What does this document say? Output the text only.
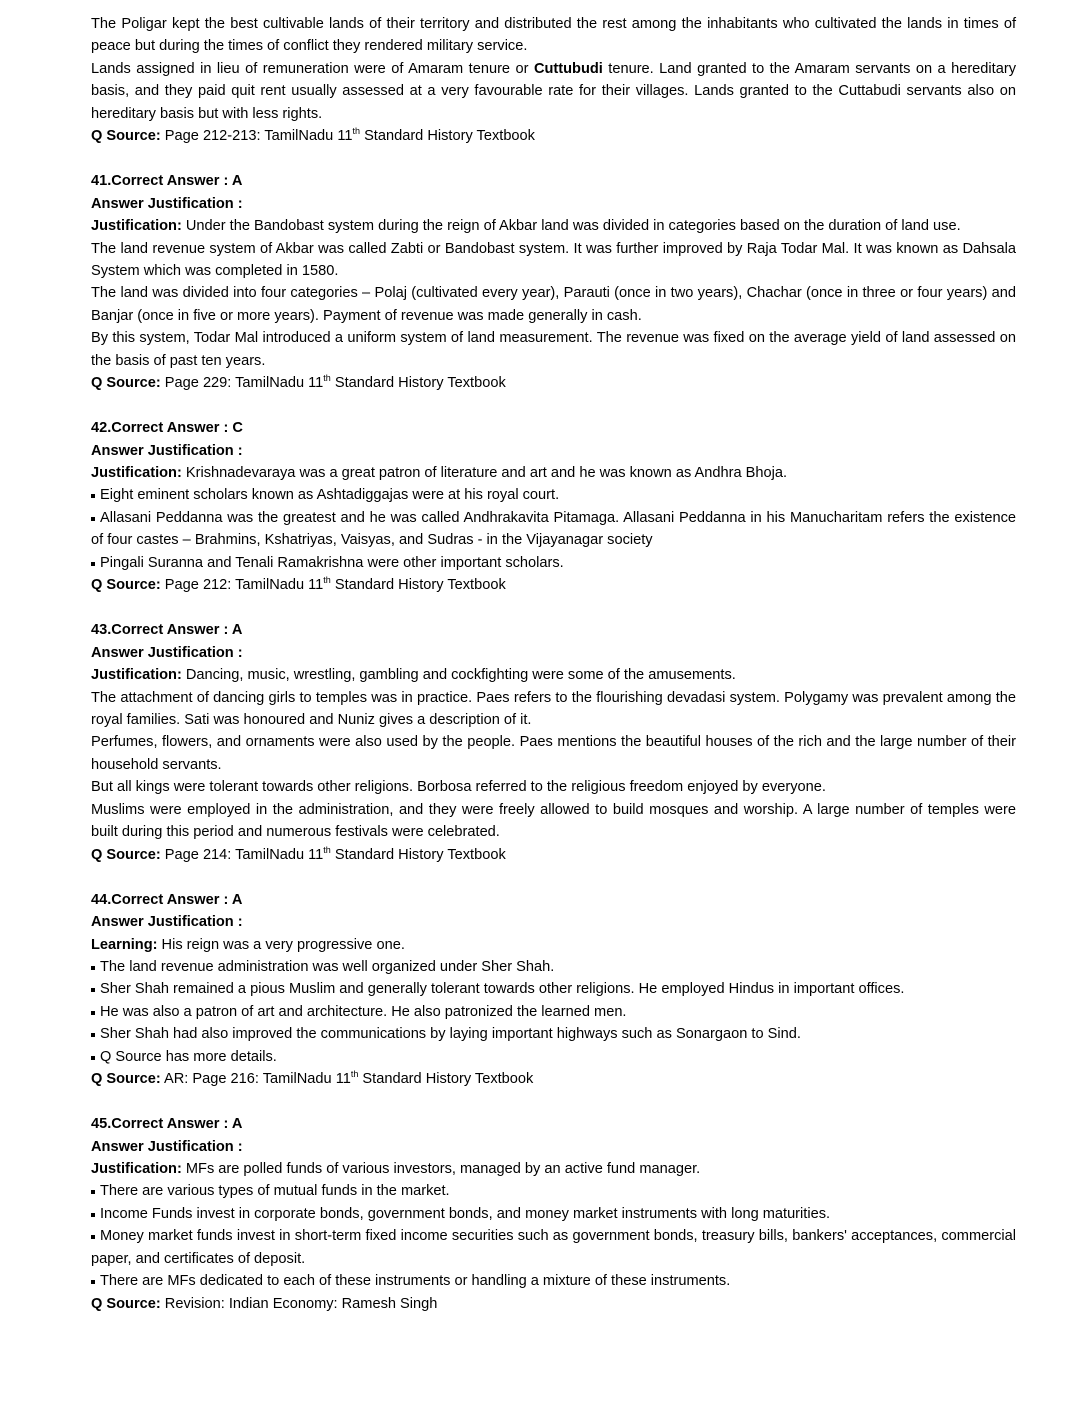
The Poligar kept the best cultivable lands of their territory and distributed the rest among the inhabitants who cultivated the lands in times of peace but during the times of conflict they rendered military service.
Lands assigned in lieu of remuneration were of Amaram tenure or Cuttubudi tenure. Land granted to the Amaram servants on a hereditary basis, and they paid quit rent usually assessed at a very favourable rate for their villages. Lands granted to the Cuttabudi servants also on hereditary basis but with less rights.
Q Source: Page 212-213: TamilNadu 11th Standard History Textbook
41.Correct Answer : A
Answer Justification :
Justification: Under the Bandobast system during the reign of Akbar land was divided in categories based on the duration of land use.
The land revenue system of Akbar was called Zabti or Bandobast system. It was further improved by Raja Todar Mal. It was known as Dahsala System which was completed in 1580.
The land was divided into four categories – Polaj (cultivated every year), Parauti (once in two years), Chachar (once in three or four years) and Banjar (once in five or more years). Payment of revenue was made generally in cash.
By this system, Todar Mal introduced a uniform system of land measurement. The revenue was fixed on the average yield of land assessed on the basis of past ten years.
Q Source: Page 229: TamilNadu 11th Standard History Textbook
42.Correct Answer : C
Answer Justification :
Justification: Krishnadevaraya was a great patron of literature and art and he was known as Andhra Bhoja.
Eight eminent scholars known as Ashtadiggajas were at his royal court.
Allasani Peddanna was the greatest and he was called Andhrakavita Pitamaga. Allasani Peddanna in his Manucharitam refers the existence of four castes – Brahmins, Kshatriyas, Vaisyas, and Sudras - in the Vijayanagar society
Pingali Suranna and Tenali Ramakrishna were other important scholars.
Q Source: Page 212: TamilNadu 11th Standard History Textbook
43.Correct Answer : A
Answer Justification :
Justification: Dancing, music, wrestling, gambling and cockfighting were some of the amusements.
The attachment of dancing girls to temples was in practice. Paes refers to the flourishing devadasi system. Polygamy was prevalent among the royal families. Sati was honoured and Nuniz gives a description of it.
Perfumes, flowers, and ornaments were also used by the people. Paes mentions the beautiful houses of the rich and the large number of their household servants.
But all kings were tolerant towards other religions. Borbosa referred to the religious freedom enjoyed by everyone.
Muslims were employed in the administration, and they were freely allowed to build mosques and worship. A large number of temples were built during this period and numerous festivals were celebrated.
Q Source: Page 214: TamilNadu 11th Standard History Textbook
44.Correct Answer : A
Answer Justification :
Learning: His reign was a very progressive one.
The land revenue administration was well organized under Sher Shah.
Sher Shah remained a pious Muslim and generally tolerant towards other religions. He employed Hindus in important offices.
He was also a patron of art and architecture. He also patronized the learned men.
Sher Shah had also improved the communications by laying important highways such as Sonargaon to Sind.
Q Source has more details.
Q Source: AR: Page 216: TamilNadu 11th Standard History Textbook
45.Correct Answer : A
Answer Justification :
Justification: MFs are polled funds of various investors, managed by an active fund manager.
There are various types of mutual funds in the market.
Income Funds invest in corporate bonds, government bonds, and money market instruments with long maturities.
Money market funds invest in short-term fixed income securities such as government bonds, treasury bills, bankers' acceptances, commercial paper, and certificates of deposit.
There are MFs dedicated to each of these instruments or handling a mixture of these instruments.
Q Source: Revision: Indian Economy: Ramesh Singh
